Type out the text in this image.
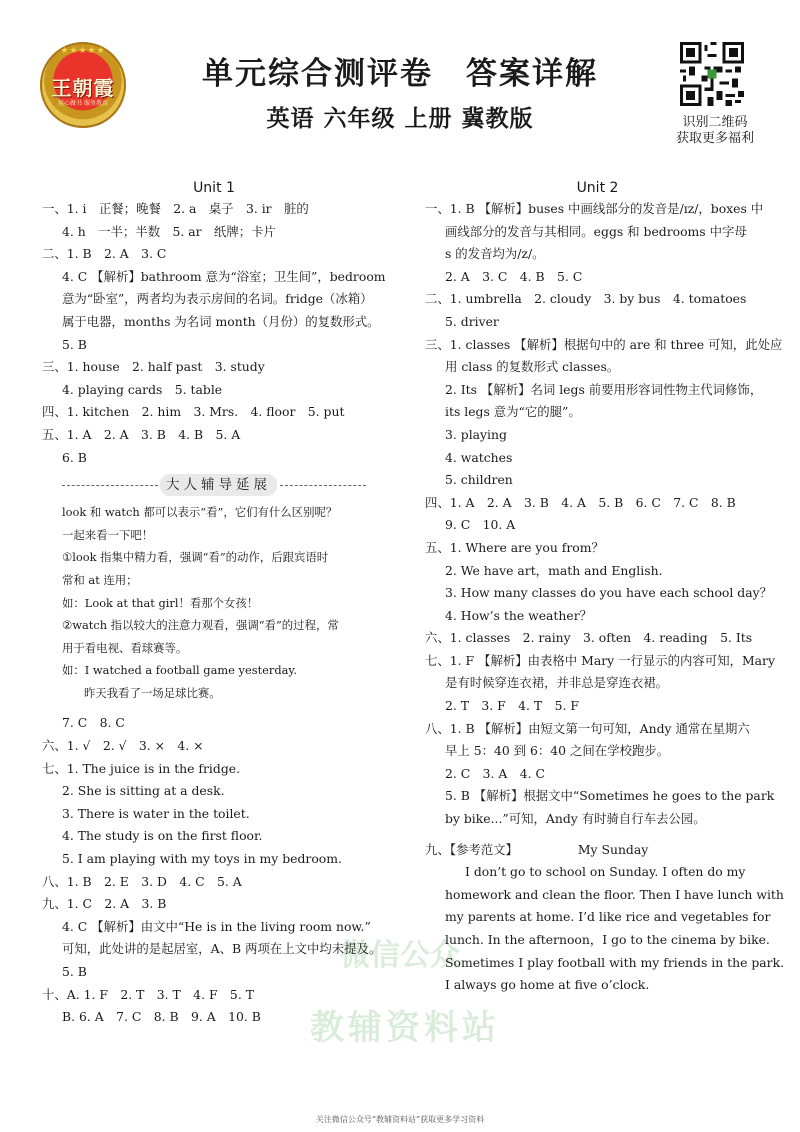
★★★★★
王朝霞
用心做书 服务教育
单元综合测评卷　答案详解
英语 六年级 上册 冀教版	识别二维码
获取更多福利
微信公众
教辅资料站
Unit 1
一、1. i　正餐；晚餐　2. a　桌子　3. ir　脏的
4. h　一半；半数　5. ar　纸牌；卡片
二、1. B　2. A　3. C
4. C 【解析】bathroom 意为“浴室；卫生间”，bedroom
意为“卧室”，两者均为表示房间的名词。fridge（冰箱）
属于电器，months 为名词 month（月份）的复数形式。
5. B
三、1. house　2. half past　3. study
4. playing cards　5. table
四、1. kitchen　2. him　3. Mrs.　4. floor　5. put
五、1. A　2. A　3. B　4. B　5. A
6. B
大人辅导延展
look 和 watch 都可以表示“看”，它们有什么区别呢？
一起来看一下吧！
①look 指集中精力看，强调“看”的动作，后跟宾语时
常和 at 连用；
如：Look at that girl！看那个女孩！
②watch 指以较大的注意力观看，强调“看”的过程，常
用于看电视、看球赛等。
如：I watched a football game yesterday.
昨天我看了一场足球比赛。
7. C　8. C
六、1. √　2. √　3. ×　4. ×
七、1. The juice is in the fridge.
2. She is sitting at a desk.
3. There is water in the toilet.
4. The study is on the first floor.
5. I am playing with my toys in my bedroom.
八、1. B　2. E　3. D　4. C　5. A
九、1. C　2. A　3. B
4. C 【解析】由文中“He is in the living room now.”
可知，此处讲的是起居室，A、B 两项在上文中均未提及。
5. B
十、A. 1. F　2. T　3. T　4. F　5. T
B. 6. A　7. C　8. B　9. A　10. B
Unit 2
一、1. B 【解析】buses 中画线部分的发音是/ɪz/，boxes 中
画线部分的发音与其相同。eggs 和 bedrooms 中字母
s 的发音均为/z/。
2. A　3. C　4. B　5. C
二、1. umbrella　2. cloudy　3. by bus　4. tomatoes
5. driver
三、1. classes 【解析】根据句中的 are 和 three 可知，此处应
用 class 的复数形式 classes。
2. Its 【解析】名词 legs 前要用形容词性物主代词修饰，
its legs 意为“它的腿”。
3. playing
4. watches
5. children
四、1. A　2. A　3. B　4. A　5. B　6. C　7. C　8. B
9. C　10. A
五、1. Where are you from？
2. We have art，math and English.
3. How many classes do you have each school day？
4. How’s the weather？
六、1. classes　2. rainy　3. often　4. reading　5. Its
七、1. F 【解析】由表格中 Mary 一行显示的内容可知，Mary
是有时候穿连衣裙，并非总是穿连衣裙。
2. T　3. F　4. T　5. F
八、1. B 【解析】由短文第一句可知，Andy 通常在星期六
早上 5：40 到 6：40 之间在学校跑步。
2. C　3. A　4. C
5. B 【解析】根据文中“Sometimes he goes to the park
by bike...”可知，Andy 有时骑自行车去公园。
九、【参考范文】	My Sunday
I don’t go to school on Sunday. I often do my
homework and clean the floor. Then I have lunch with
my parents at home. I’d like rice and vegetables for
lunch. In the afternoon，I go to the cinema by bike.
Sometimes I play football with my friends in the park.
I always go home at five o’clock.
关注微信公众号“教辅资料站”获取更多学习资料
